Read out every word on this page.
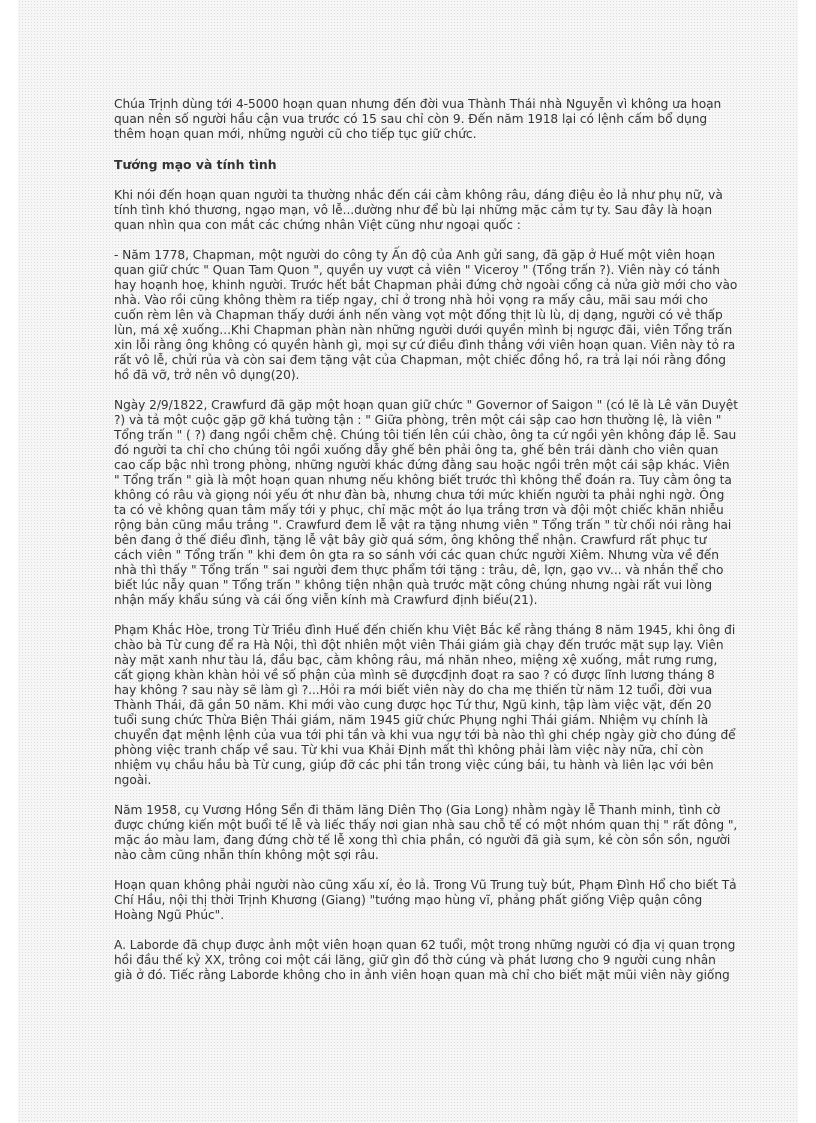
Chúa Trịnh dùng tới 4-5000 hoạn quan nhưng đến đời vua Thành Thái nhà Nguyễn vì không ưa hoạn quan nên số người hầu cận vua trước có 15 sau chỉ còn 9. Đến năm 1918 lại có lệnh cấm bổ dụng thêm hoạn quan mới, những người cũ cho tiếp tục giữ chức.

Tướng mạo và tính tình

Khi nói đến hoạn quan người ta thường nhắc đến cái cằm không râu, dáng điệu ẻo lả như phụ nữ, và tính tình khó thương, ngạo mạn, vô lễ...dường như để bù lại những mặc cảm tự ty. Sau đây là hoạn quan nhìn qua con mắt các chứng nhân Việt cũng như ngoại quốc :

- Năm 1778, Chapman, một người do công ty Ấn độ của Anh gửi sang, đã gặp ở Huế một viên hoạn quan giữ chức " Quan Tam Quon ", quyền uy vượt cả viên " Viceroy " (Tổng trấn ?). Viên này có tánh hay hoạnh hoẹ, khinh người. Trước hết bắt Chapman phải đứng chờ ngoài cổng cả nửa giờ mới cho vào nhà. Vào rồi cũng không thèm ra tiếp ngay, chỉ ở trong nhà hỏi vọng ra mấy câu, mãi sau mới cho cuốn rèm lên và Chapman thấy dưới ánh nến vàng vọt một đống thịt lù lù, dị dạng, người có vẻ thấp lùn, má xệ xuống...Khi Chapman phàn nàn những người dưới quyền mình bị ngược đãi, viên Tổng trấn xin lỗi rằng ông không có quyền hành gì, mọi sự cứ điều đình thẳng với viên hoạn quan. Viên này tỏ ra rất vô lễ, chửi rủa và còn sai đem tặng vật của Chapman, một chiếc đồng hồ, ra trả lại nói rằng đồng hồ đã vỡ, trở nên vô dụng(20).

Ngày 2/9/1822, Crawfurd đã gặp một hoạn quan giữ chức " Governor of Saigon " (có lẽ là Lê văn Duyệt ?) và tả một cuộc gặp gỡ khá tường tận : " Giữa phòng, trên một cái sập cao hơn thường lệ, là viên " Tổng trấn " ( ?) đang ngồi chễm chệ. Chúng tôi tiến lên cúi chào, ông ta cứ ngồi yên không đáp lễ. Sau đó người ta chỉ cho chúng tôi ngồi xuống dẫy ghế bên phải ông ta, ghế bên trái dành cho viên quan cao cấp bậc nhì trong phòng, những người khác đứng đằng sau hoặc ngồi trên một cái sập khác. Viên " Tổng trấn " già là một hoạn quan nhưng nếu không biết trước thì không thể đoán ra. Tuy cằm ông ta không có râu và giọng nói yếu ớt như đàn bà, nhưng chưa tới mức khiến người ta phải nghi ngờ. Ông ta có vẻ không quan tâm mấy tới y phục, chỉ mặc một áo lụa trắng trơn và đội một chiếc khăn nhiễu rộng bản cũng mầu trắng ". Crawfurd đem lễ vật ra tặng nhưng viên " Tổng trấn " từ chối nói rằng hai bên đang ở thế điều đình, tặng lễ vật bây giờ quá sớm, ông không thể nhận. Crawfurd rất phục tư cách viên " Tổng trấn " khi đem ôn gta ra so sánh với các quan chức người Xiêm. Nhưng vừa về đến nhà thì thấy " Tổng trấn " sai người đem thực phẩm tới tặng : trâu, dê, lợn, gạo vv... và nhắn thể cho biết lúc nẫy quan " Tổng trấn " không tiện nhận quà trước mặt công chúng nhưng ngài rất vui lòng nhận mấy khẩu súng và cái ống viễn kính mà Crawfurd định biếu(21).

Phạm Khắc Hòe, trong Từ Triều đình Huế đến chiến khu Việt Bắc kể rằng tháng 8 năm 1945, khi ông đi chào bà Từ cung để ra Hà Nội, thì đột nhiên một viên Thái giám già chạy đến trước mặt sụp lạy. Viên này mặt xanh như tàu lá, đầu bạc, cằm không râu, má nhăn nheo, miệng xệ xuống, mắt rưng rưng, cất giọng khàn khàn hỏi về số phận của mình sẽ đượcđịnh đoạt ra sao ? có được lĩnh lương tháng 8 hay không ? sau này sẽ làm gì ?...Hỏi ra mới biết viên này do cha mẹ thiến từ năm 12 tuổi, đời vua Thành Thái, đã gần 50 năm. Khi mới vào cung được học Tứ thư, Ngũ kinh, tập làm việc vặt, đến 20 tuổi sung chức Thừa Biện Thái giám, năm 1945 giữ chức Phụng nghi Thái giám. Nhiệm vụ chính là chuyển đạt mệnh lệnh của vua tới phi tần và khi vua ngự tới bà nào thì ghi chép ngày giờ cho đúng để phòng việc tranh chấp về sau. Từ khi vua Khải Định mất thì không phải làm việc này nữa, chỉ còn nhiệm vụ chầu hầu bà Từ cung, giúp đỡ các phi tần trong việc cúng bái, tu hành và liên lạc với bên ngoài.

Năm 1958, cụ Vương Hồng Sển đi thăm lăng Diên Thọ (Gia Long) nhằm ngày lễ Thanh minh, tình cờ được chứng kiến một buổi tế lễ và liếc thấy nơi gian nhà sau chỗ tế có một nhóm quan thị " rất đông ", mặc áo màu lam, đang đứng chờ tế lễ xong thì chia phần, có người đã già sụm, kẻ còn sồn sồn, người nào cằm cũng nhẵn thín không một sợi râu.

Hoạn quan không phải người nào cũng xấu xí, ẻo lả. Trong Vũ Trung tuỳ bút, Phạm Đình Hổ cho biết Tả Chí Hầu, nội thị thời Trịnh Khương (Giang) "tướng mạo hùng vĩ, phảng phất giống Việp quận công Hoàng Ngũ Phúc".

A. Laborde đã chụp được ảnh một viên hoạn quan 62 tuổi, một trong những người có địa vị quan trọng hồi đầu thế kỷ XX, trông coi một cái lăng, giữ gìn đồ thờ cúng và phát lương cho 9 người cung nhân già ở đó. Tiếc rằng Laborde không cho in ảnh viên hoạn quan mà chỉ cho biết mặt mũi viên này giống
